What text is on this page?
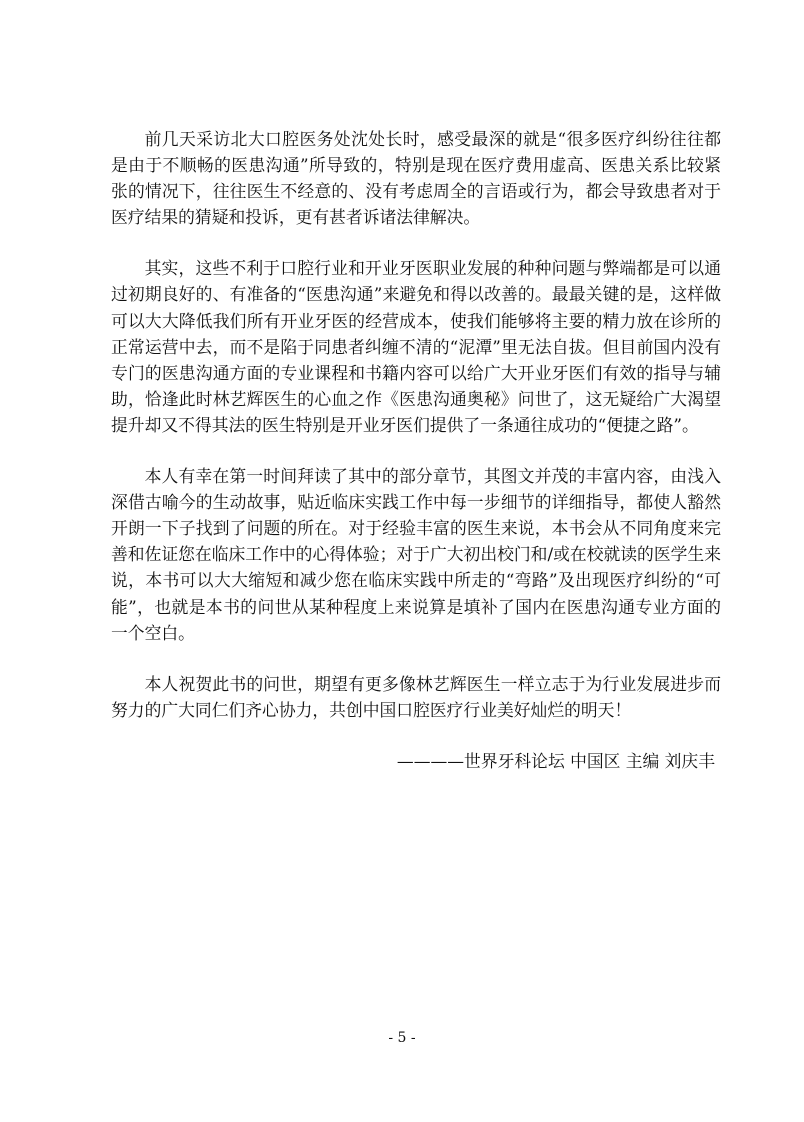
前几天采访北大口腔医务处沈处长时，感受最深的就是“很多医疗纠纷往往都是由于不顺畅的医患沟通”所导致的，特别是现在医疗费用虚高、医患关系比较紧张的情况下，往往医生不经意的、没有考虑周全的言语或行为，都会导致患者对于医疗结果的猜疑和投诉，更有甚者诉诸法律解决。

其实，这些不利于口腔行业和开业牙医职业发展的种种问题与弊端都是可以通过初期良好的、有准备的“医患沟通”来避免和得以改善的。最最关键的是，这样做可以大大降低我们所有开业牙医的经营成本，使我们能够将主要的精力放在诊所的正常运营中去，而不是陷于同患者纠缠不清的“泥潭”里无法自拔。但目前国内没有专门的医患沟通方面的专业课程和书籍内容可以给广大开业牙医们有效的指导与辅助，恰逢此时林艺辉医生的心血之作《医患沟通奥秘》问世了，这无疑给广大渴望提升却又不得其法的医生特别是开业牙医们提供了一条通往成功的“便捷之路”。

本人有幸在第一时间拜读了其中的部分章节，其图文并茂的丰富内容，由浅入深借古喻今的生动故事，贴近临床实践工作中每一步细节的详细指导，都使人豁然开朗一下子找到了问题的所在。对于经验丰富的医生来说，本书会从不同角度来完善和佐证您在临床工作中的心得体验；对于广大初出校门和/或在校就读的医学生来说，本书可以大大缩短和减少您在临床实践中所走的“弯路”及出现医疗纠纷的“可能”，也就是本书的问世从某种程度上来说算是填补了国内在医患沟通专业方面的一个空白。

本人祝贺此书的问世，期望有更多像林艺辉医生一样立志于为行业发展进步而努力的广大同仁们齐心协力，共创中国口腔医疗行业美好灿烂的明天！

————世界牙科论坛 中国区 主编 刘庆丰

- 5 -
